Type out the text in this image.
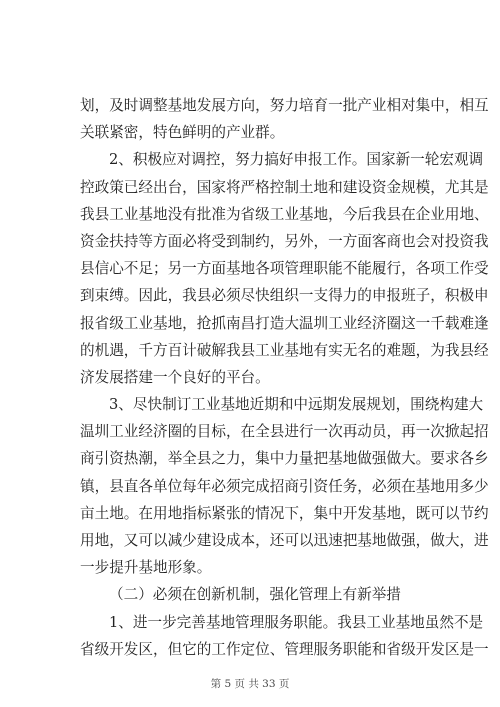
划，及时调整基地发展方向，努力培育一批产业相对集中，相互
关联紧密，特色鲜明的产业群。
2、积极应对调控，努力搞好申报工作。国家新一轮宏观调
控政策已经出台，国家将严格控制土地和建设资金规模，尤其是
我县工业基地没有批准为省级工业基地，今后我县在企业用地、
资金扶持等方面必将受到制约，另外，一方面客商也会对投资我
县信心不足；另一方面基地各项管理职能不能履行，各项工作受
到束缚。因此，我县必须尽快组织一支得力的申报班子，积极申
报省级工业基地，抢抓南昌打造大温圳工业经济圈这一千载难逢
的机遇，千方百计破解我县工业基地有实无名的难题，为我县经
济发展搭建一个良好的平台。
3、尽快制订工业基地近期和中远期发展规划，围绕构建大
温圳工业经济圈的目标，在全县进行一次再动员，再一次掀起招
商引资热潮，举全县之力，集中力量把基地做强做大。要求各乡
镇，县直各单位每年必须完成招商引资任务，必须在基地用多少
亩土地。在用地指标紧张的情况下，集中开发基地，既可以节约
用地，又可以减少建设成本，还可以迅速把基地做强，做大，进
一步提升基地形象。
（二）必须在创新机制，强化管理上有新举措
1、进一步完善基地管理服务职能。我县工业基地虽然不是
省级开发区，但它的工作定位、管理服务职能和省级开发区是一
第 5 页 共 33 页
